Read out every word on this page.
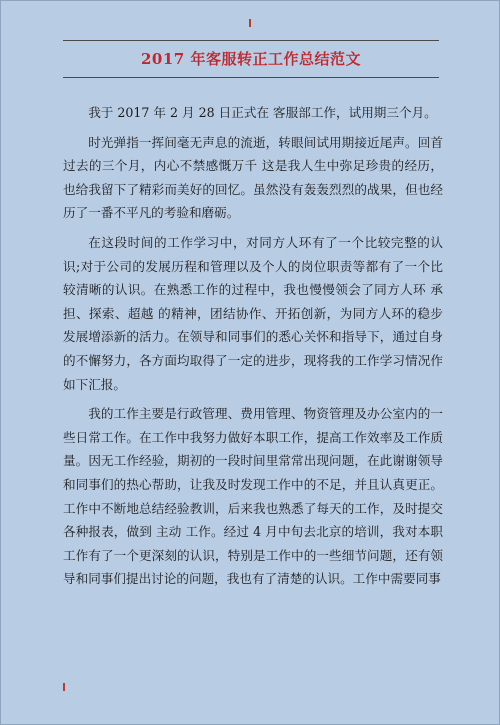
2017 年客服转正工作总结范文

我于 2017 年 2 月 28 日正式在 客服部工作，试用期三个月。

时光弹指一挥间毫无声息的流逝，转眼间试用期接近尾声。回首过去的三个月，内心不禁感慨万千 这是我人生中弥足珍贵的经历，也给我留下了精彩而美好的回忆。虽然没有轰轰烈烈的战果，但也经历了一番不平凡的考验和磨砺。

在这段时间的工作学习中，对同方人环有了一个比较完整的认识;对于公司的发展历程和管理以及个人的岗位职责等都有了一个比较清晰的认识。在熟悉工作的过程中，我也慢慢领会了同方人环 承担、探索、超越 的精神，团结协作、开拓创新，为同方人环的稳步发展增添新的活力。在领导和同事们的悉心关怀和指导下，通过自身的不懈努力，各方面均取得了一定的进步，现将我的工作学习情况作如下汇报。

我的工作主要是行政管理、费用管理、物资管理及办公室内的一些日常工作。在工作中我努力做好本职工作，提高工作效率及工作质量。因无工作经验，期初的一段时间里常常出现问题，在此谢谢领导和同事们的热心帮助，让我及时发现工作中的不足，并且认真更正。工作中不断地总结经验教训，后来我也熟悉了每天的工作，及时提交各种报表，做到 主动 工作。经过 4 月中旬去北京的培训，我对本职工作有了一个更深刻的认识，特别是工作中的一些细节问题，还有领导和同事们提出讨论的问题，我也有了清楚的认识。工作中需要同事
